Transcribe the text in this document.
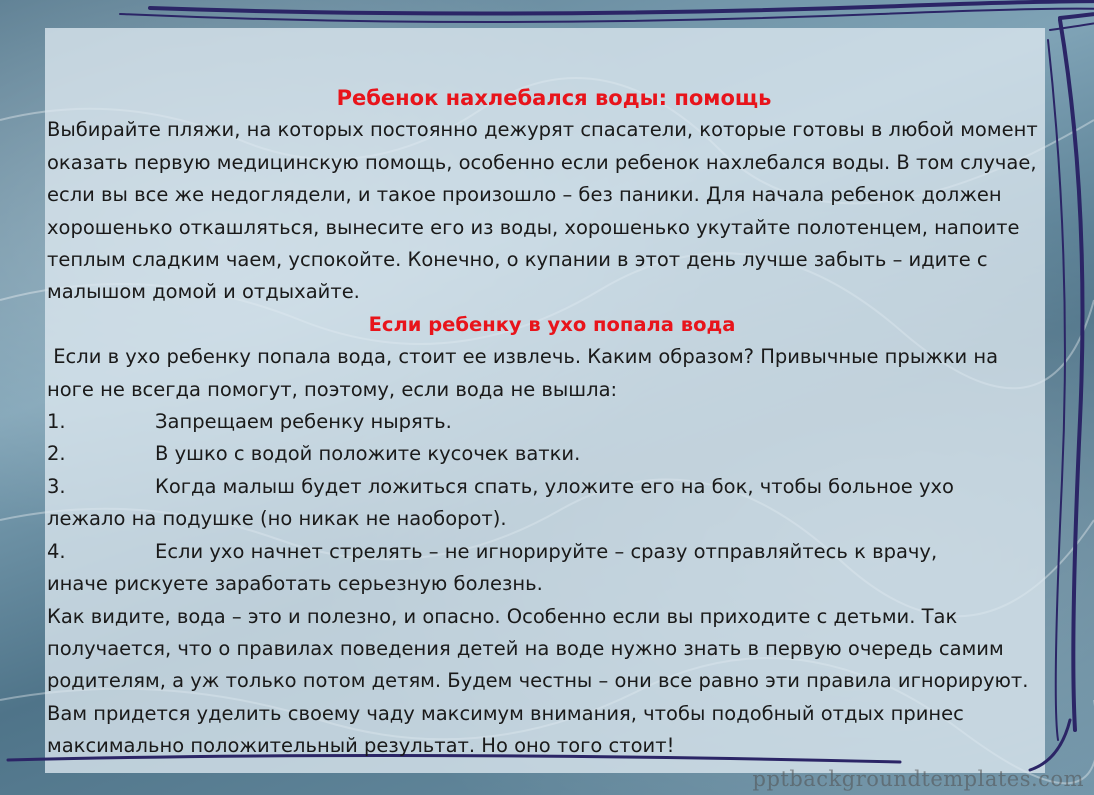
Ребенок нахлебался воды: помощь

Выбирайте пляжи, на которых постоянно дежурят спасатели, которые готовы в любой момент оказать первую медицинскую помощь, особенно если ребенок нахлебался воды. В том случае, если вы все же недоглядели, и такое произошло – без паники. Для начала ребенок должен хорошенько откашляться, вынесите его из воды, хорошенько укутайте полотенцем, напоите теплым сладким чаем, успокойте. Конечно, о купании в этот день лучше забыть – идите с малышом домой и отдыхайте.

Если ребенку в ухо попала вода

Если в ухо ребенку попала вода, стоит ее извлечь. Каким образом? Привычные прыжки на ноге не всегда помогут, поэтому, если вода не вышла:

1.	Запрещаем ребенку нырять.
2.	В ушко с водой положите кусочек ватки.
3.	Когда малыш будет ложиться спать, уложите его на бок, чтобы больное ухо

лежало на подушке (но никак не наоборот).

4.	Если ухо начнет стрелять – не игнорируйте – сразу отправляйтесь к врачу,

иначе рискуете заработать серьезную болезнь.

Как видите, вода – это и полезно, и опасно. Особенно если вы приходите с детьми. Так получается, что о правилах поведения детей на воде нужно знать в первую очередь самим родителям, а уж только потом детям. Будем честны – они все равно эти правила игнорируют. Вам придется уделить своему чаду максимум внимания, чтобы подобный отдых принес максимально положительный результат. Но оно того стоит!

pptbackgroundtemplates.com
